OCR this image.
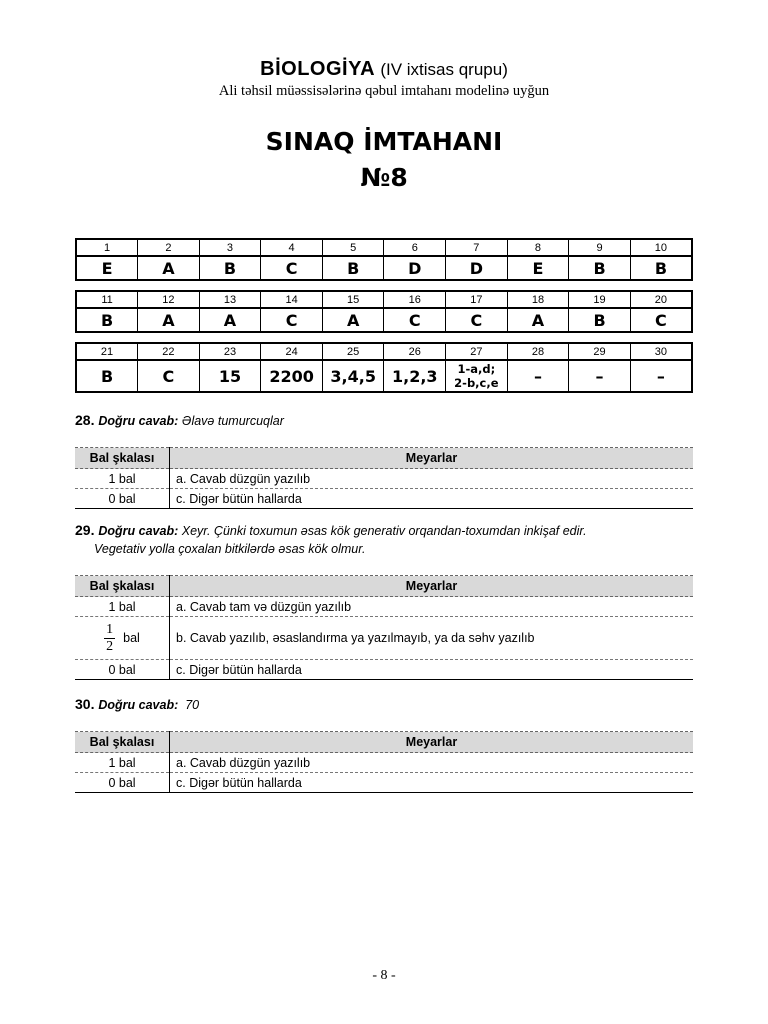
BİOLOGİYA (IV ixtisas qrupu)
Ali təhsil müəssisələrinə qəbul imtahanı modelinə uyğun
SINAQ İMTAHANI
№8
1	2	3	4	5	6	7	8	9	10
E	A	B	C	B	D	D	E	B	B
11	12	13	14	15	16	17	18	19	20
B	A	A	C	A	C	C	A	B	C
21	22	23	24	25	26	27	28	29	30
B	C	15	2200	3,4,5	1,2,3	1-a,d;
2-b,c,e	–	–	–
28. Doğru cavab: Əlavə tumurcuqlar
Bal şkalası	Meyarlar
1 bal	a. Cavab düzgün yazılıb
0 bal	c. Digər bütün hallarda
29. Doğru cavab: Xeyr. Çünki toxumun əsas kök generativ orqandan-toxumdan inkişaf edir.
Vegetativ yolla çoxalan bitkilərdə əsas kök olmur.
Bal şkalası	Meyarlar
1 bal	a. Cavab tam və düzgün yazılıb

$\frac{1}{2}$ bal	b. Cavab yazılıb, əsaslandırma ya yazılmayıb, ya da səhv yazılıb
0 bal	c. Digər bütün hallarda
30. Doğru cavab: 70
Bal şkalası	Meyarlar
1 bal	a. Cavab düzgün yazılıb
0 bal	c. Digər bütün hallarda
- 8 -
